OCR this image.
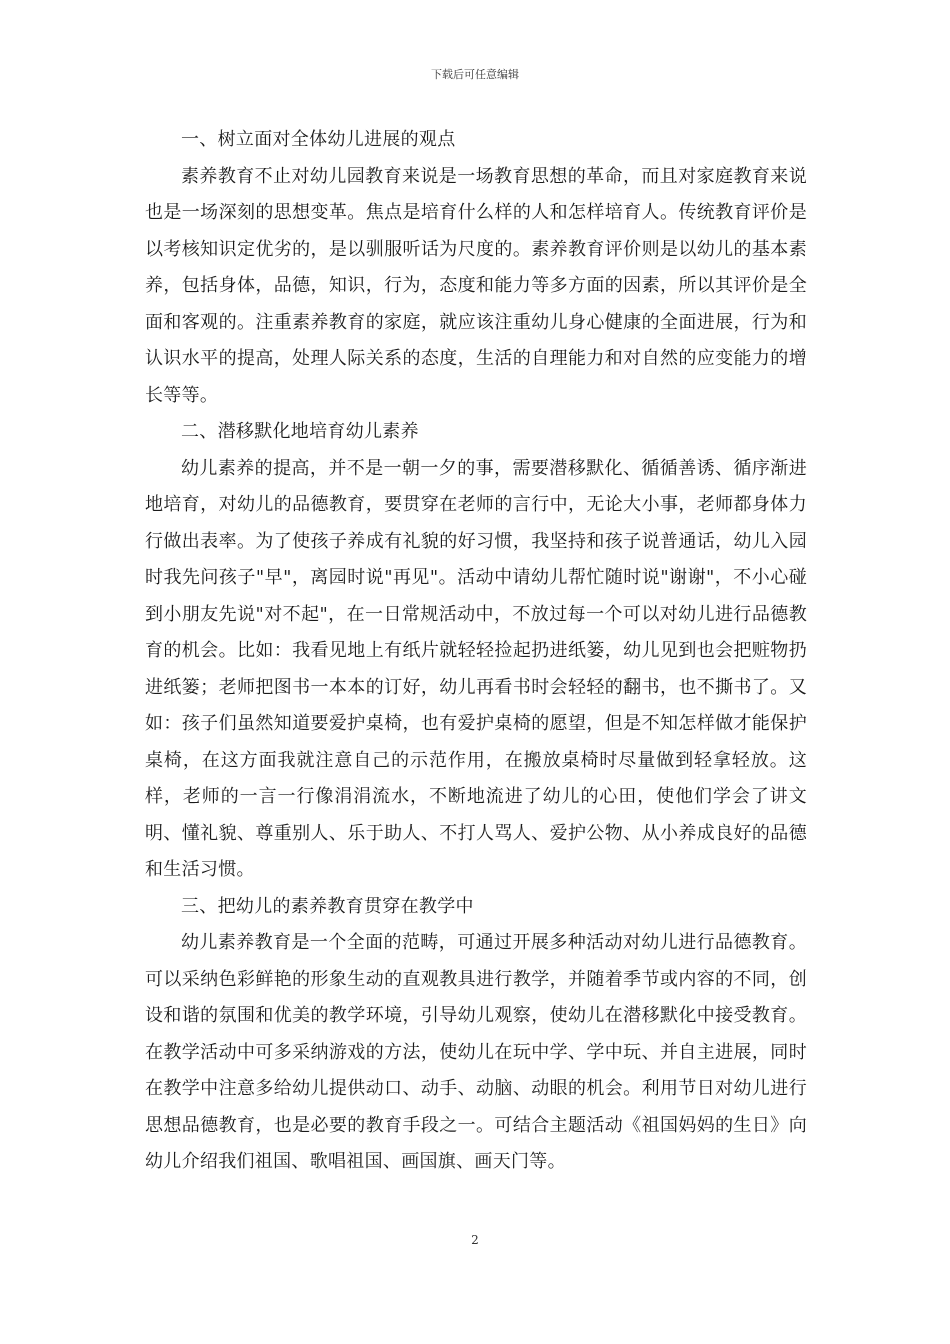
下载后可任意编辑

一、树立面对全体幼儿进展的观点

素养教育不止对幼儿园教育来说是一场教育思想的革命，而且对家庭教育来说也是一场深刻的思想变革。焦点是培育什么样的人和怎样培育人。传统教育评价是以考核知识定优劣的，是以驯服听话为尺度的。素养教育评价则是以幼儿的基本素养，包括身体，品德，知识，行为，态度和能力等多方面的因素，所以其评价是全面和客观的。注重素养教育的家庭，就应该注重幼儿身心健康的全面进展，行为和认识水平的提高，处理人际关系的态度，生活的自理能力和对自然的应变能力的增长等等。

二、潜移默化地培育幼儿素养

幼儿素养的提高，并不是一朝一夕的事，需要潜移默化、循循善诱、循序渐进地培育，对幼儿的品德教育，要贯穿在老师的言行中，无论大小事，老师都身体力行做出表率。为了使孩子养成有礼貌的好习惯，我坚持和孩子说普通话，幼儿入园时我先问孩子"早"，离园时说"再见"。活动中请幼儿帮忙随时说"谢谢"，不小心碰到小朋友先说"对不起"，在一日常规活动中，不放过每一个可以对幼儿进行品德教育的机会。比如：我看见地上有纸片就轻轻捡起扔进纸篓，幼儿见到也会把赃物扔进纸篓；老师把图书一本本的订好，幼儿再看书时会轻轻的翻书，也不撕书了。又如：孩子们虽然知道要爱护桌椅，也有爱护桌椅的愿望，但是不知怎样做才能保护桌椅，在这方面我就注意自己的示范作用，在搬放桌椅时尽量做到轻拿轻放。这样，老师的一言一行像涓涓流水，不断地流进了幼儿的心田，使他们学会了讲文明、懂礼貌、尊重别人、乐于助人、不打人骂人、爱护公物、从小养成良好的品德和生活习惯。

三、把幼儿的素养教育贯穿在教学中

幼儿素养教育是一个全面的范畴，可通过开展多种活动对幼儿进行品德教育。可以采纳色彩鲜艳的形象生动的直观教具进行教学，并随着季节或内容的不同，创设和谐的氛围和优美的教学环境，引导幼儿观察，使幼儿在潜移默化中接受教育。在教学活动中可多采纳游戏的方法，使幼儿在玩中学、学中玩、并自主进展，同时在教学中注意多给幼儿提供动口、动手、动脑、动眼的机会。利用节日对幼儿进行思想品德教育，也是必要的教育手段之一。可结合主题活动《祖国妈妈的生日》向幼儿介绍我们祖国、歌唱祖国、画国旗、画天门等。

2
